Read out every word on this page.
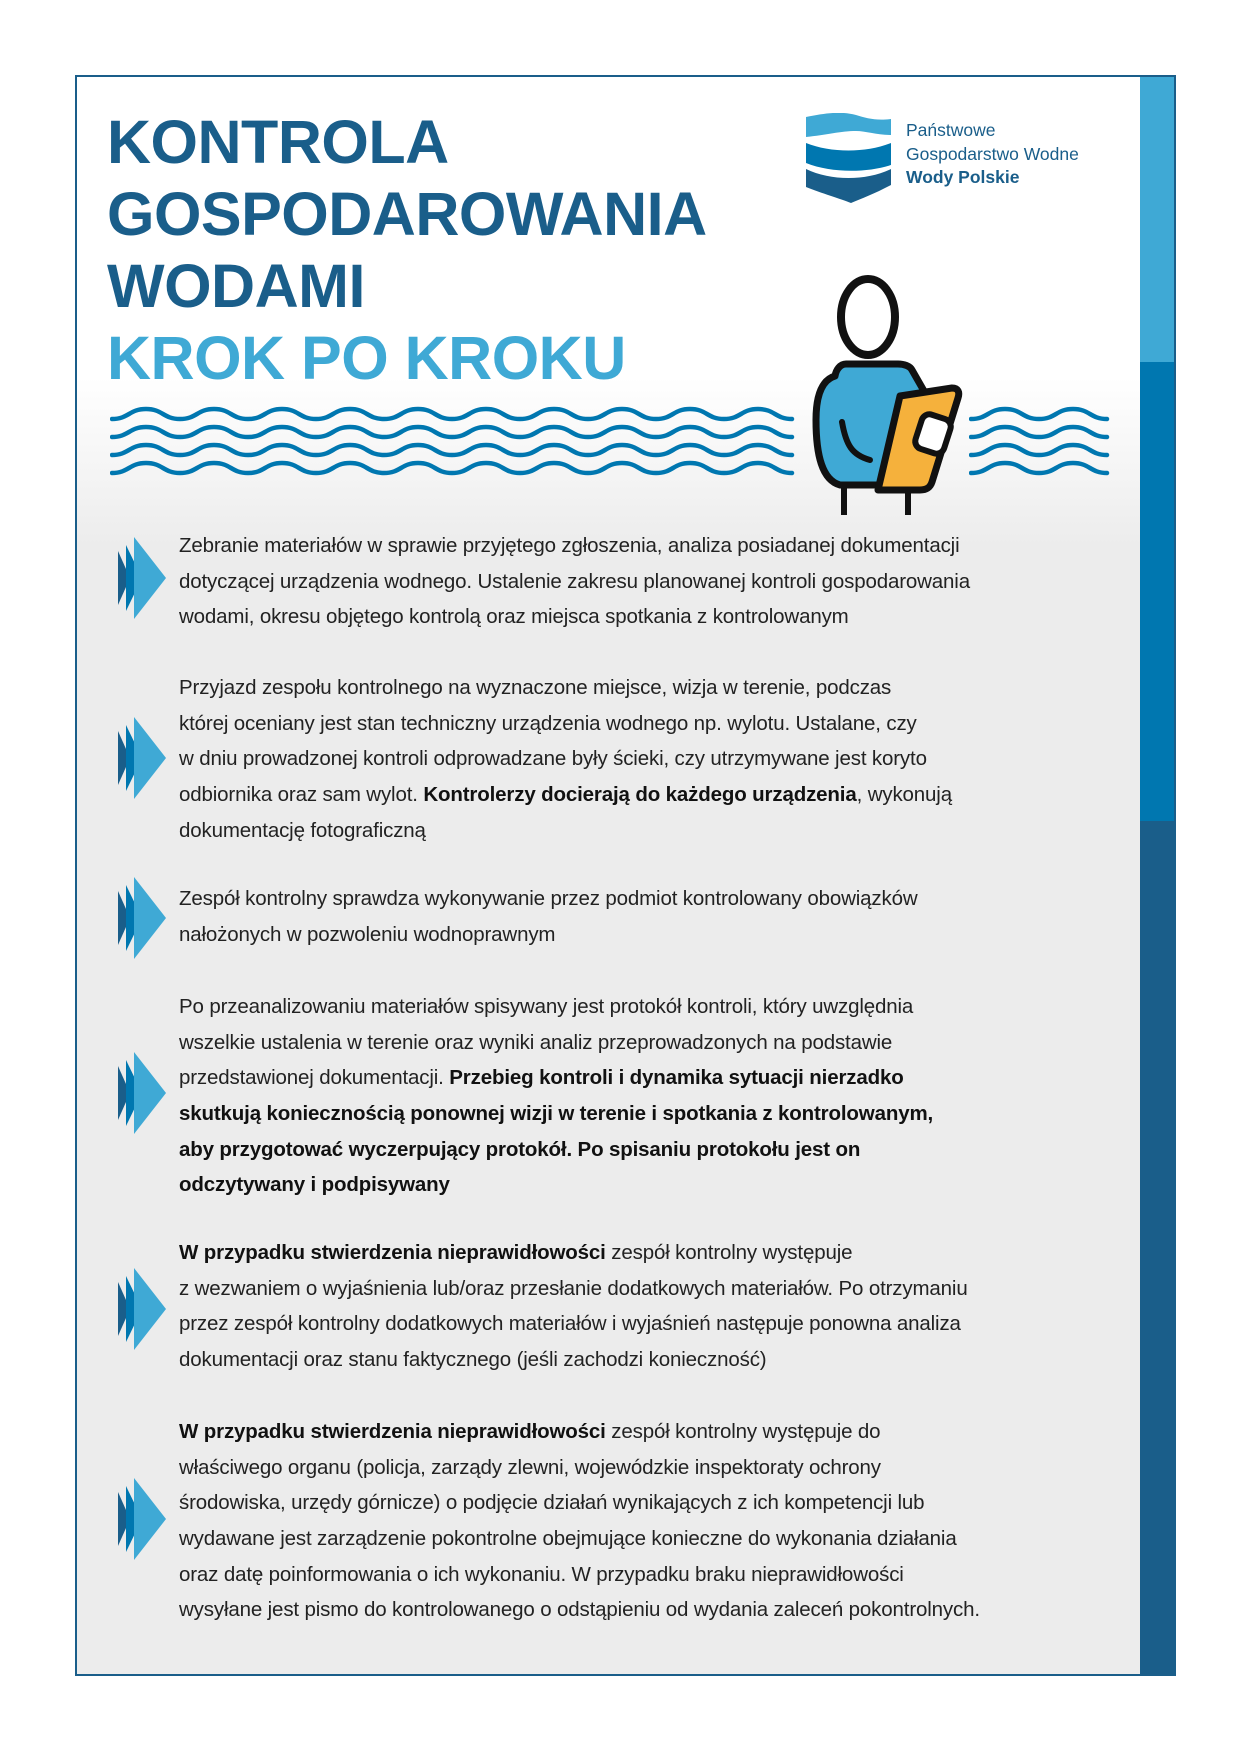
KONTROLA
GOSPODAROWANIA
WODAMI
KROK PO KROKU
Państwowe
Gospodarstwo Wodne
Wody Polskie
Zebranie materiałów w sprawie przyjętego zgłoszenia, analiza posiadanej dokumentacji
dotyczącej urządzenia wodnego. Ustalenie zakresu planowanej kontroli gospodarowania
wodami, okresu objętego kontrolą oraz miejsca spotkania z kontrolowanym
Przyjazd zespołu kontrolnego na wyznaczone miejsce, wizja w terenie, podczas
której oceniany jest stan techniczny urządzenia wodnego np. wylotu. Ustalane, czy
w dniu prowadzonej kontroli odprowadzane były ścieki, czy utrzymywane jest koryto
odbiornika oraz sam wylot. Kontrolerzy docierają do każdego urządzenia, wykonują
dokumentację fotograficzną
Zespół kontrolny sprawdza wykonywanie przez podmiot kontrolowany obowiązków
nałożonych w pozwoleniu wodnoprawnym
Po przeanalizowaniu materiałów spisywany jest protokół kontroli, który uwzględnia
wszelkie ustalenia w terenie oraz wyniki analiz przeprowadzonych na podstawie
przedstawionej dokumentacji. Przebieg kontroli i dynamika sytuacji nierzadko
skutkują koniecznością ponownej wizji w terenie i spotkania z kontrolowanym,
aby przygotować wyczerpujący protokół. Po spisaniu protokołu jest on
odczytywany i podpisywany
W przypadku stwierdzenia nieprawidłowości zespół kontrolny występuje
z wezwaniem o wyjaśnienia lub/oraz przesłanie dodatkowych materiałów. Po otrzymaniu
przez zespół kontrolny dodatkowych materiałów i wyjaśnień następuje ponowna analiza
dokumentacji oraz stanu faktycznego (jeśli zachodzi konieczność)
W przypadku stwierdzenia nieprawidłowości zespół kontrolny występuje do
właściwego organu (policja, zarządy zlewni, wojewódzkie inspektoraty ochrony
środowiska, urzędy górnicze) o podjęcie działań wynikających z ich kompetencji lub
wydawane jest zarządzenie pokontrolne obejmujące konieczne do wykonania działania
oraz datę poinformowania o ich wykonaniu. W przypadku braku nieprawidłowości
wysyłane jest pismo do kontrolowanego o odstąpieniu od wydania zaleceń pokontrolnych.
